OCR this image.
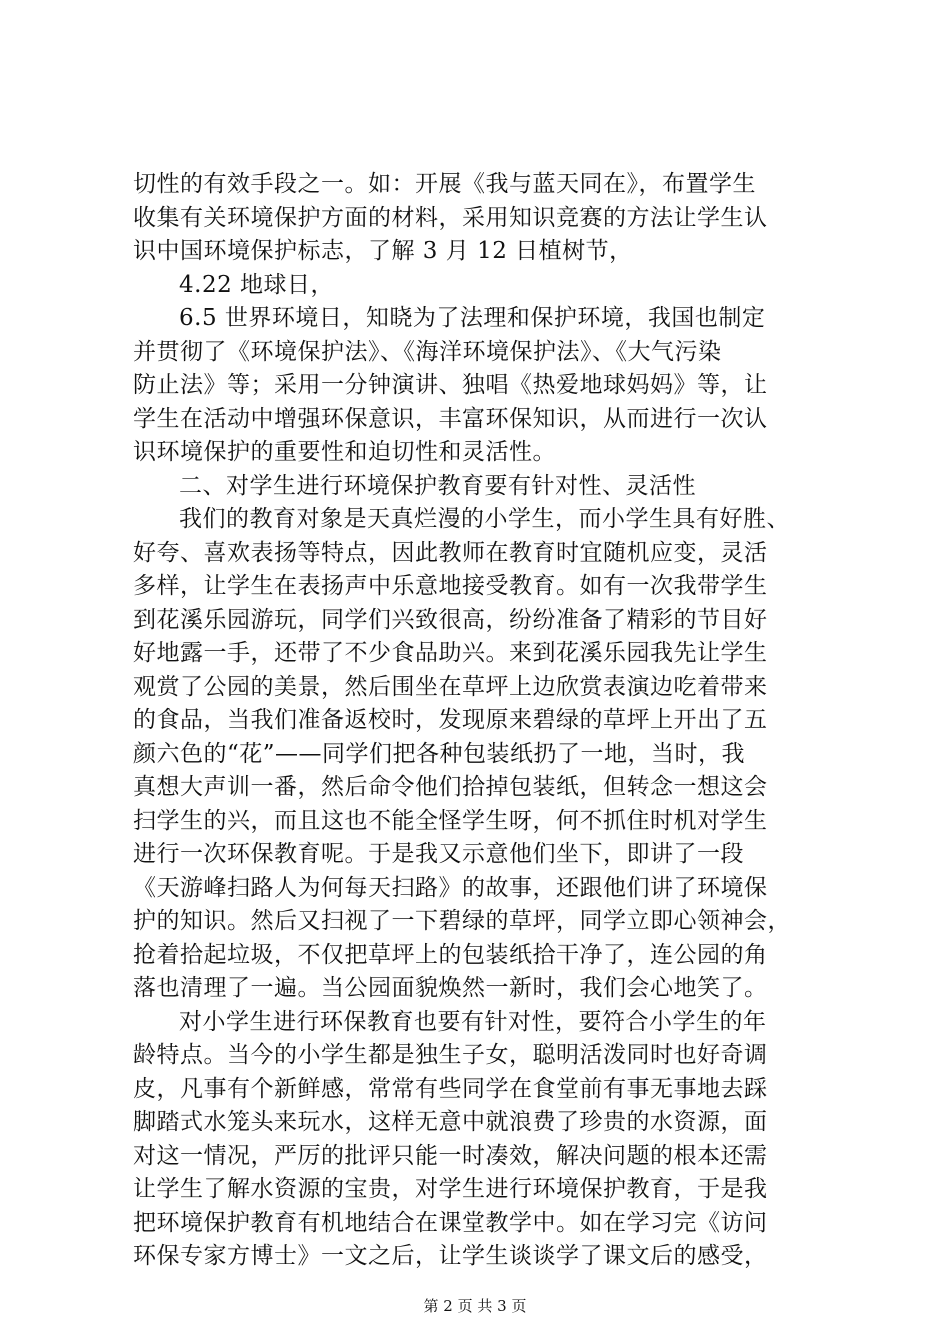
切性的有效手段之一。如：开展《我与蓝天同在》，布置学生
收集有关环境保护方面的材料，采用知识竞赛的方法让学生认
识中国环境保护标志，了解 3 月 12 日植树节，
4.22 地球日，
6.5 世界环境日，知晓为了法理和保护环境，我国也制定
并贯彻了《环境保护法》、《海洋环境保护法》、《大气污染
防止法》等；采用一分钟演讲、独唱《热爱地球妈妈》等，让
学生在活动中增强环保意识，丰富环保知识，从而进行一次认
识环境保护的重要性和迫切性和灵活性。
二、对学生进行环境保护教育要有针对性、灵活性
我们的教育对象是天真烂漫的小学生，而小学生具有好胜、
好夸、喜欢表扬等特点，因此教师在教育时宜随机应变，灵活
多样，让学生在表扬声中乐意地接受教育。如有一次我带学生
到花溪乐园游玩，同学们兴致很高，纷纷准备了精彩的节目好
好地露一手，还带了不少食品助兴。来到花溪乐园我先让学生
观赏了公园的美景，然后围坐在草坪上边欣赏表演边吃着带来
的食品，当我们准备返校时，发现原来碧绿的草坪上开出了五
颜六色的“花”——同学们把各种包装纸扔了一地，当时，我
真想大声训一番，然后命令他们拾掉包装纸，但转念一想这会
扫学生的兴，而且这也不能全怪学生呀，何不抓住时机对学生
进行一次环保教育呢。于是我又示意他们坐下，即讲了一段
《天游峰扫路人为何每天扫路》的故事，还跟他们讲了环境保
护的知识。然后又扫视了一下碧绿的草坪，同学立即心领神会，
抢着拾起垃圾，不仅把草坪上的包装纸拾干净了，连公园的角
落也清理了一遍。当公园面貌焕然一新时，我们会心地笑了。
对小学生进行环保教育也要有针对性，要符合小学生的年
龄特点。当今的小学生都是独生子女，聪明活泼同时也好奇调
皮，凡事有个新鲜感，常常有些同学在食堂前有事无事地去踩
脚踏式水笼头来玩水，这样无意中就浪费了珍贵的水资源，面
对这一情况，严厉的批评只能一时凑效，解决问题的根本还需
让学生了解水资源的宝贵，对学生进行环境保护教育，于是我
把环境保护教育有机地结合在课堂教学中。如在学习完《访问
环保专家方博士》一文之后，让学生谈谈学了课文后的感受，
第 2 页 共 3 页
